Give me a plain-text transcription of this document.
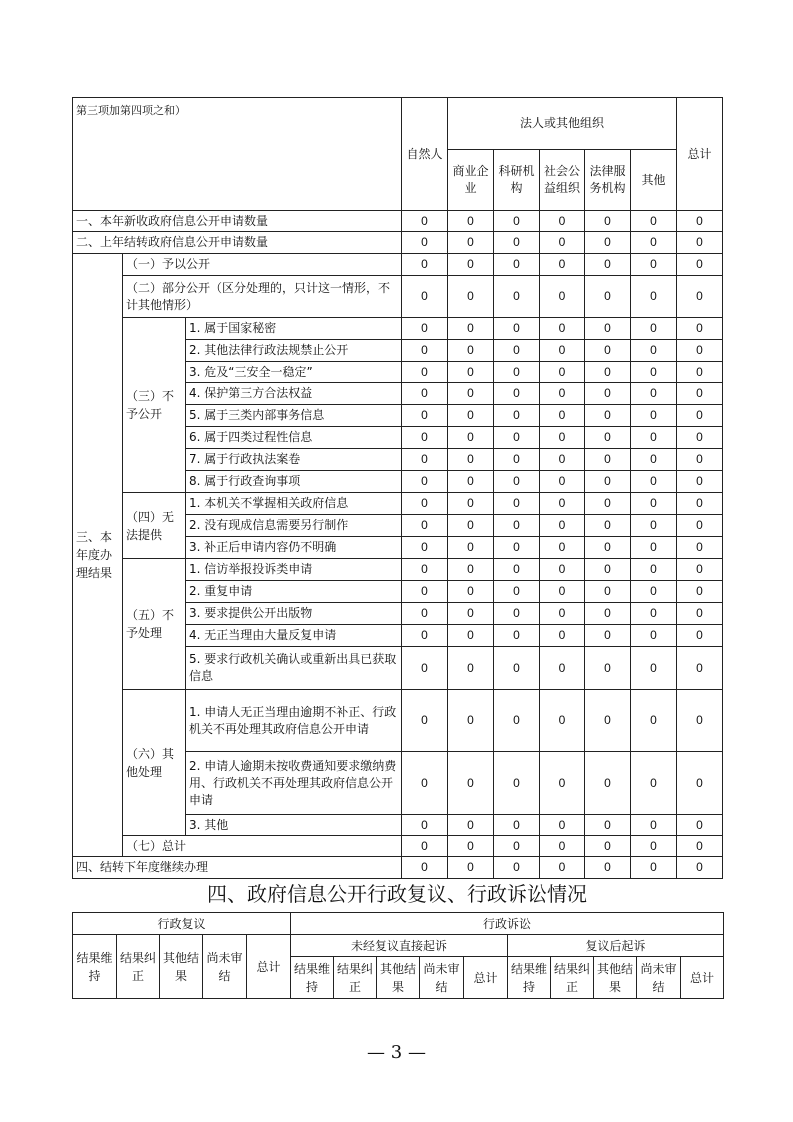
第三项加第四项之和）			自然人	法人或其他组织					总计
				商业企业	科研机构	社会公益组织	法律服务机构	其他	
一、本年新收政府信息公开申请数量			0	0	0	0	0	0	0
二、上年结转政府信息公开申请数量			0	0	0	0	0	0	0
三、本年度办理结果	（一）予以公开		0	0	0	0	0	0	0
	（二）部分公开（区分处理的，只计这一情形，不计其他情形）		0	0	0	0	0	0	0
	（三）不予公开	1. 属于国家秘密	0	0	0	0	0	0	0
		2. 其他法律行政法规禁止公开	0	0	0	0	0	0	0
		3. 危及“三安全一稳定”	0	0	0	0	0	0	0
		4. 保护第三方合法权益	0	0	0	0	0	0	0
		5. 属于三类内部事务信息	0	0	0	0	0	0	0
		6. 属于四类过程性信息	0	0	0	0	0	0	0
		7. 属于行政执法案卷	0	0	0	0	0	0	0
		8. 属于行政查询事项	0	0	0	0	0	0	0
	（四）无法提供	1. 本机关不掌握相关政府信息	0	0	0	0	0	0	0
		2. 没有现成信息需要另行制作	0	0	0	0	0	0	0
		3. 补正后申请内容仍不明确	0	0	0	0	0	0	0
	（五）不予处理	1. 信访举报投诉类申请	0	0	0	0	0	0	0
		2. 重复申请	0	0	0	0	0	0	0
		3. 要求提供公开出版物	0	0	0	0	0	0	0
		4. 无正当理由大量反复申请	0	0	0	0	0	0	0
		5. 要求行政机关确认或重新出具已获取信息	0	0	0	0	0	0	0
	（六）其他处理	1. 申请人无正当理由逾期不补正、行政机关不再处理其政府信息公开申请	0	0	0	0	0	0	0
		2. 申请人逾期未按收费通知要求缴纳费用、行政机关不再处理其政府信息公开申请	0	0	0	0	0	0	0
		3. 其他	0	0	0	0	0	0	0
	（七）总计		0	0	0	0	0	0	0
四、结转下年度继续办理			0	0	0	0	0	0	0
四、政府信息公开行政复议、行政诉讼情况
行政复议					行政诉讼									
结果维持	结果纠正	其他结果	尚未审结	总计	未经复议直接起诉					复议后起诉				
					结果维持	结果纠正	其他结果	尚未审结	总计	结果维持	结果纠正	其他结果	尚未审结	总计
— 3 —
